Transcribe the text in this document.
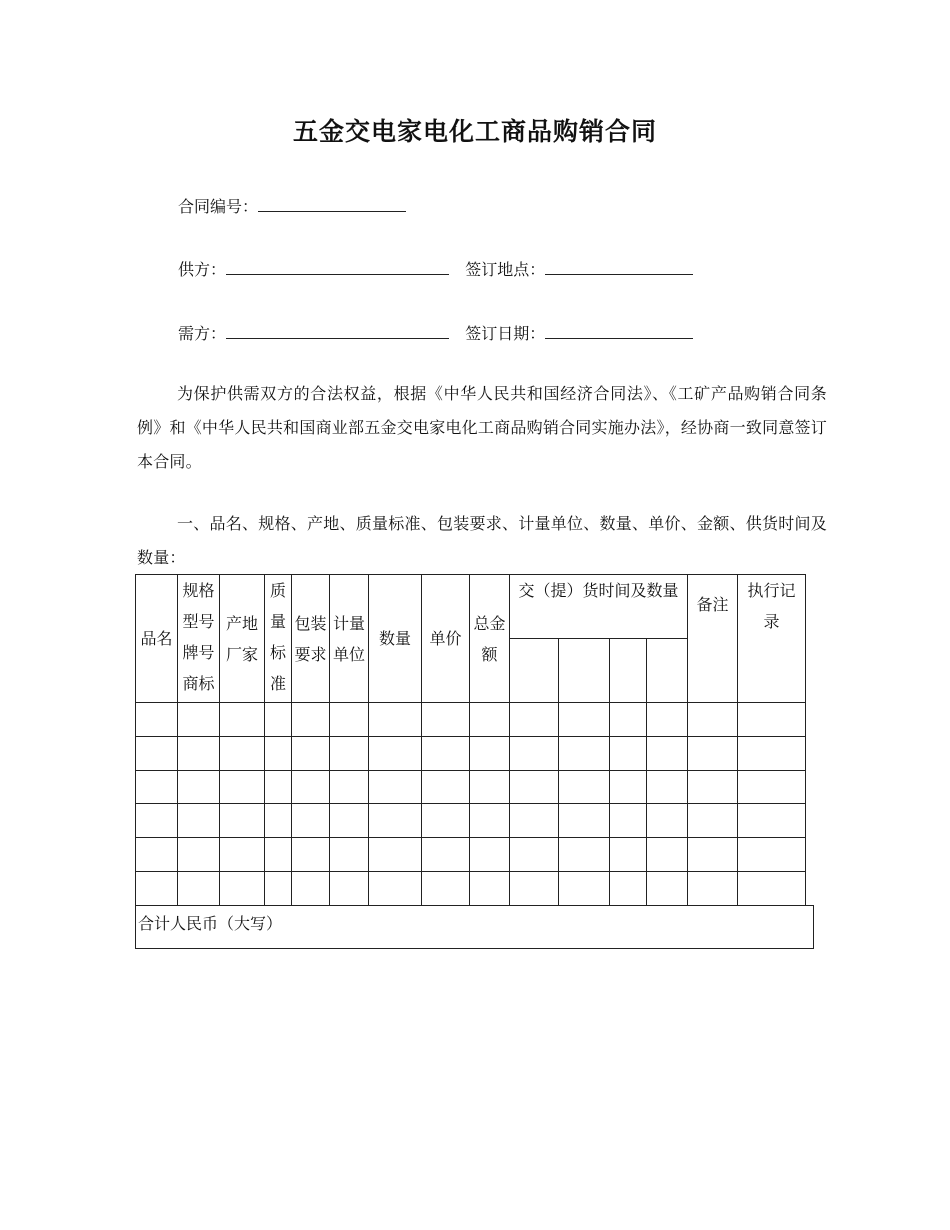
五金交电家电化工商品购销合同
合同编号：
供方：	签订地点：
需方：	签订日期：
为保护供需双方的合法权益，根据《中华人民共和国经济合同法》、《工矿产品购销合同条例》和《中华人民共和国商业部五金交电家电化工商品购销合同实施办法》，经协商一致同意签订本合同。
一、品名、规格、产地、质量标准、包装要求、计量单位、数量、单价、金额、供货时间及数量：
品名	规格型号牌号商标	产地厂家	质量标准	包装要求	计量单位	数量	单价	总金额	交（提）货时间及数量				备注	执行记录

合计人民币（大写）
